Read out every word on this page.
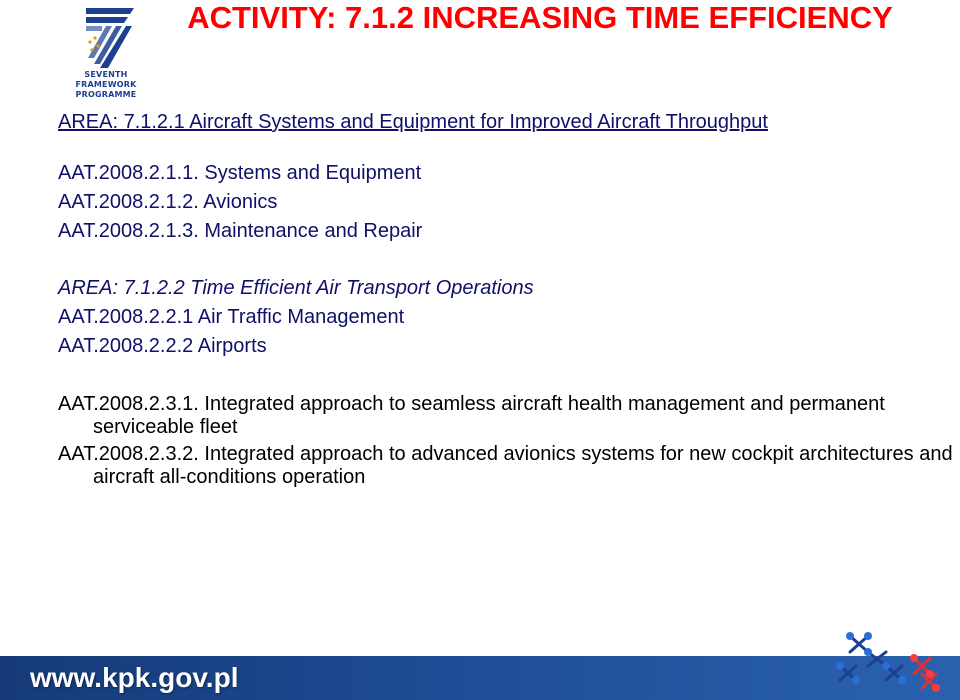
SEVENTH FRAMEWORK
PROGRAMME
ACTIVITY: 7.1.2 INCREASING TIME EFFICIENCY
AREA: 7.1.2.1 Aircraft Systems and Equipment for Improved Aircraft Throughput
AAT.2008.2.1.1. Systems and Equipment
AAT.2008.2.1.2. Avionics
AAT.2008.2.1.3. Maintenance and Repair
AREA: 7.1.2.2 Time Efficient Air Transport Operations
AAT.2008.2.2.1 Air Traffic Management
AAT.2008.2.2.2 Airports
AAT.2008.2.3.1. Integrated approach to seamless aircraft health management and permanent serviceable fleet
AAT.2008.2.3.2. Integrated approach to advanced avionics systems for new cockpit architectures and aircraft all-conditions operation
www.kpk.gov.pl
